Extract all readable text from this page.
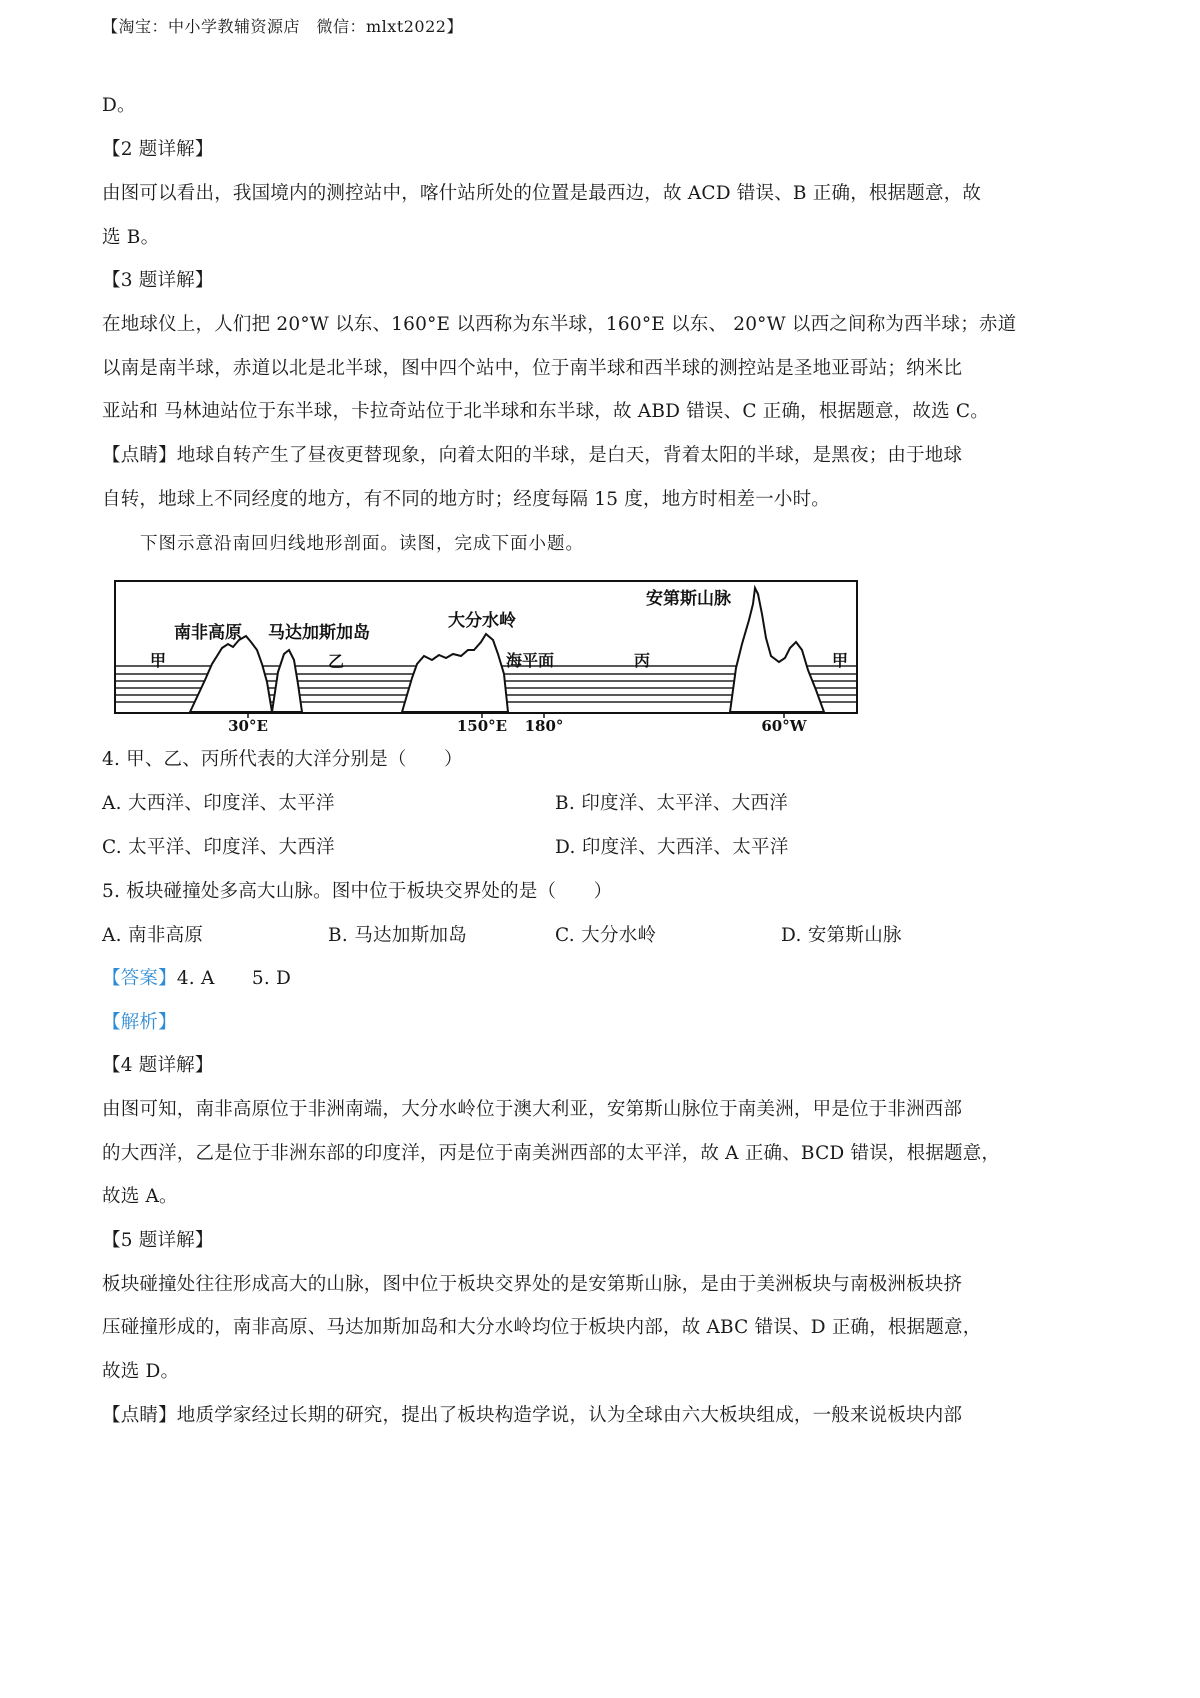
【淘宝：中小学教辅资源店　微信：mlxt2022】
D。
【2 题详解】
由图可以看出，我国境内的测控站中，喀什站所处的位置是最西边，故 ACD 错误、B 正确，根据题意，故
选 B。
【3 题详解】
在地球仪上，人们把 20°W 以东、160°E 以西称为东半球，160°E 以东、 20°W 以西之间称为西半球；赤道
以南是南半球，赤道以北是北半球，图中四个站中，位于南半球和西半球的测控站是圣地亚哥站；纳米比
亚站和 马林迪站位于东半球，卡拉奇站位于北半球和东半球，故 ABD 错误、C 正确，根据题意，故选 C。
【点睛】地球自转产生了昼夜更替现象，向着太阳的半球，是白天，背着太阳的半球，是黑夜；由于地球
自转，地球上不同经度的地方，有不同的地方时；经度每隔 15 度，地方时相差一小时。
下图示意沿南回归线地形剖面。读图，完成下面小题。
南非高原 马达加斯加岛
大分水岭
安第斯山脉
海平面
甲	乙	丙	甲
30°E	150°E 180°	60°W
4. 甲、乙、丙所代表的大洋分别是（　　）
A. 大西洋、印度洋、太平洋	B. 印度洋、太平洋、大西洋
C. 太平洋、印度洋、大西洋	D. 印度洋、大西洋、太平洋
5. 板块碰撞处多高大山脉。图中位于板块交界处的是（　　）
A. 南非高原	B. 马达加斯加岛	C. 大分水岭	D. 安第斯山脉
【答案】4. A　　5. D
【解析】
【4 题详解】
由图可知，南非高原位于非洲南端，大分水岭位于澳大利亚，安第斯山脉位于南美洲，甲是位于非洲西部
的大西洋，乙是位于非洲东部的印度洋，丙是位于南美洲西部的太平洋，故 A 正确、BCD 错误，根据题意，
故选 A。
【5 题详解】
板块碰撞处往往形成高大的山脉，图中位于板块交界处的是安第斯山脉，是由于美洲板块与南极洲板块挤
压碰撞形成的，南非高原、马达加斯加岛和大分水岭均位于板块内部，故 ABC 错误、D 正确，根据题意，
故选 D。
【点睛】地质学家经过长期的研究，提出了板块构造学说，认为全球由六大板块组成，一般来说板块内部
